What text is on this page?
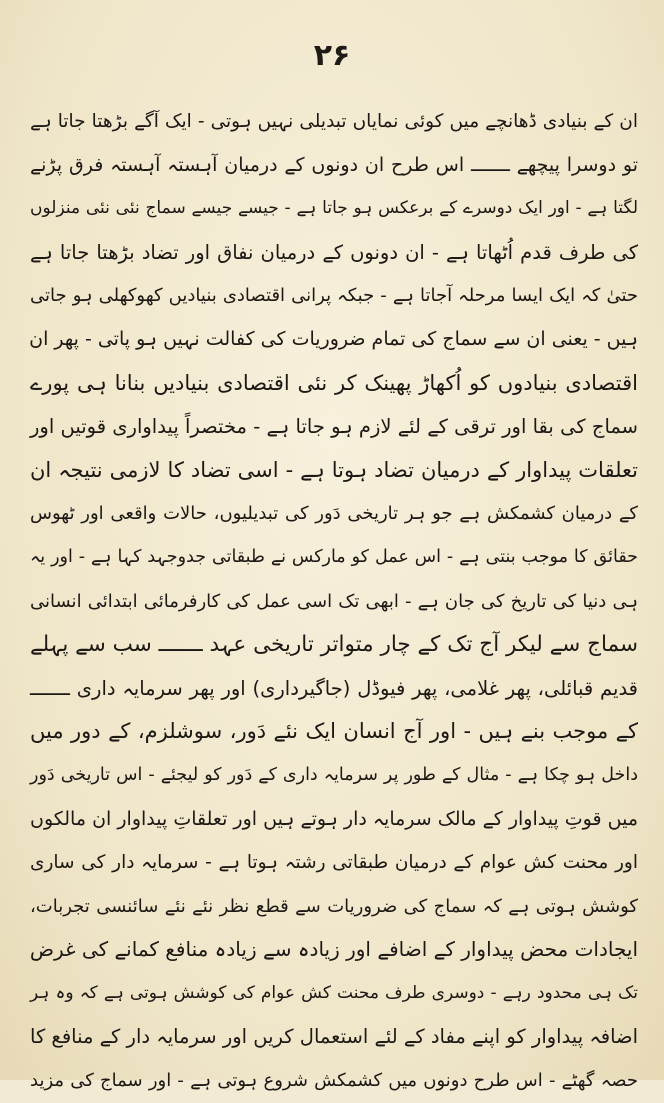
۲۶
ان کے بنیادی ڈھانچے میں کوئی نمایاں تبدیلی نہیں ہوتی - ایک آگے بڑھتا جاتا ہے
تو دوسرا پیچھے ـــــــ اس طرح ان دونوں کے درمیان آہستہ آہستہ فرق پڑنے
لگتا ہے - اور ایک دوسرے کے برعکس ہو جاتا ہے - جیسے جیسے سماج نئی نئی منزلوں
کی طرف قدم اُٹھاتا ہے - ان دونوں کے درمیان نفاق اور تضاد بڑھتا جاتا ہے
حتیٰ کہ ایک ایسا مرحلہ آجاتا ہے - جبکہ پرانی اقتصادی بنیادیں کھوکھلی ہو جاتی
ہیں - یعنی ان سے سماج کی تمام ضروریات کی کفالت نہیں ہو پاتی - پھر ان
اقتصادی بنیادوں کو اُکھاڑ پھینک کر نئی اقتصادی بنیادیں بنانا ہی پورے
سماج کی بقا اور ترقی کے لئے لازم ہو جاتا ہے - مختصراً پیداواری قوتیں اور
تعلقات پیداوار کے درمیان تضاد ہوتا ہے - اسی تضاد کا لازمی نتیجہ ان
کے درمیان کشمکش ہے جو ہر تاریخی دَور کی تبدیلیوں، حالات واقعی اور ٹھوس
حقائق کا موجب بنتی ہے - اس عمل کو مارکس نے طبقاتی جدوجہد کہا ہے - اور یہ
ہی دنیا کی تاریخ کی جان ہے - ابھی تک اسی عمل کی کارفرمائی ابتدائی انسانی
سماج سے لیکر آج تک کے چار متواتر تاریخی عہد ـــــــ سب سے پہلے
قدیم قبائلی، پھر غلامی، پھر فیوڈل (جاگیرداری) اور پھر سرمایہ داری ـــــــ
کے موجب بنے ہیں - اور آج انسان ایک نئے دَور، سوشلزم، کے دور میں
داخل ہو چکا ہے - مثال کے طور پر سرمایہ داری کے دَور کو لیجئے - اس تاریخی دَور
میں قوتِ پیداوار کے مالک سرمایہ دار ہوتے ہیں اور تعلقاتِ پیداوار ان مالکوں
اور محنت کش عوام کے درمیان طبقاتی رشتہ ہوتا ہے - سرمایہ دار کی ساری
کوشش ہوتی ہے کہ سماج کی ضروریات سے قطع نظر نئے نئے سائنسی تجربات،
ایجادات محض پیداوار کے اضافے اور زیادہ سے زیادہ منافع کمانے کی غرض
تک ہی محدود رہے - دوسری طرف محنت کش عوام کی کوشش ہوتی ہے کہ وہ ہر
اضافہ پیداوار کو اپنے مفاد کے لئے استعمال کریں اور سرمایہ دار کے منافع کا
حصہ گھٹے - اس طرح دونوں میں کشمکش شروع ہوتی ہے - اور سماج کی مزید
